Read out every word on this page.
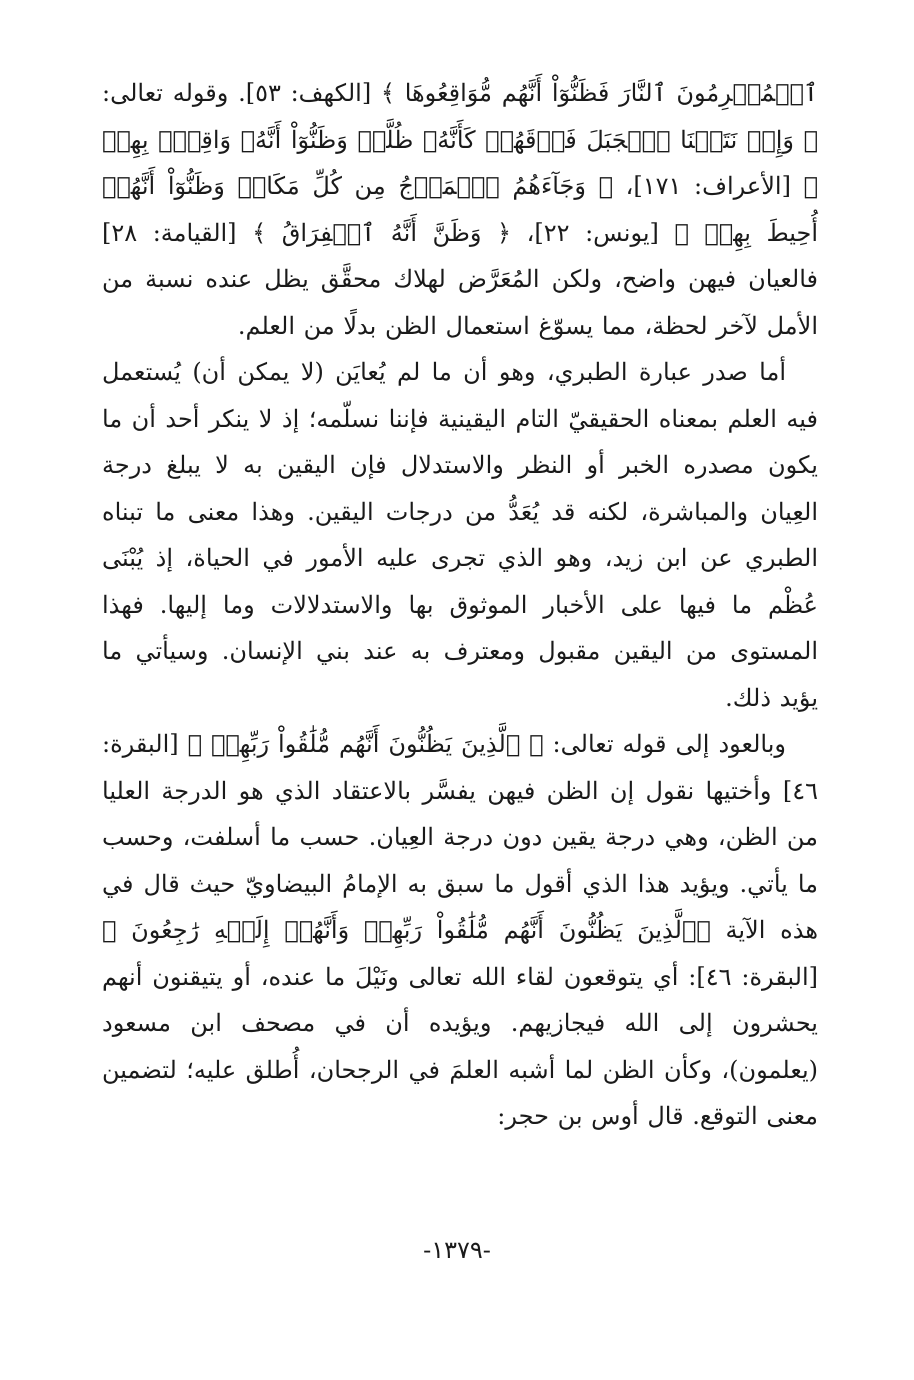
ٱلۡمُجۡرِمُونَ ٱلنَّارَ فَظَنُّوٓاْ أَنَّهُم مُّوَاقِعُوهَا ﴾ [الكهف: ٥٣]. وقوله تعالى: ﴿ وَإِذۡ نَتَقۡنَا ٱلۡجَبَلَ فَوۡقَهُمۡ كَأَنَّهُۥ ظُلَّةٞ وَظَنُّوٓاْ أَنَّهُۥ وَاقِعُۢ بِهِمۡ ﴾ [الأعراف: ١٧١]، ﴿ وَجَآءَهُمُ ٱلۡمَوۡجُ مِن كُلِّ مَكَانٖ وَظَنُّوٓاْ أَنَّهُمۡ أُحِيطَ بِهِمۡ ﴾ [يونس: ٢٢]، ﴿ وَظَنَّ أَنَّهُ ٱلۡفِرَاقُ ﴾ [القيامة: ٢٨] فالعيان فيهن واضح، ولكن المُعَرَّض لهلاك محقَّق يظل عنده نسبة من الأمل لآخر لحظة، مما يسوّغ استعمال الظن بدلًا من العلم.

أما صدر عبارة الطبري، وهو أن ما لم يُعايَن (لا يمكن أن) يُستعمل فيه العلم بمعناه الحقيقيّ التام اليقينية فإننا نسلّمه؛ إذ لا ينكر أحد أن ما يكون مصدره الخبر أو النظر والاستدلال فإن اليقين به لا يبلغ درجة العِيان والمباشرة، لكنه قد يُعَدُّ من درجات اليقين. وهذا معنى ما تبناه الطبري عن ابن زيد، وهو الذي تجرى عليه الأمور في الحياة، إذ يُبْنَى عُظْم ما فيها على الأخبار الموثوق بها والاستدلالات وما إليها. فهذا المستوى من اليقين مقبول ومعترف به عند بني الإنسان. وسيأتي ما يؤيد ذلك.

وبالعود إلى قوله تعالى: ﴿ ٱلَّذِينَ يَظُنُّونَ أَنَّهُم مُّلَٰقُواْ رَبِّهِمۡ ﴾ [البقرة: ٤٦] وأختيها نقول إن الظن فيهن يفسَّر بالاعتقاد الذي هو الدرجة العليا من الظن، وهي درجة يقين دون درجة العِيان. حسب ما أسلفت، وحسب ما يأتي. ويؤيد هذا الذي أقول ما سبق به الإمامُ البيضاويّ حيث قال في هذه الآية ﴿ٱلَّذِينَ يَظُنُّونَ أَنَّهُم مُّلَٰقُواْ رَبِّهِمۡ وَأَنَّهُمۡ إِلَيۡهِ رَٰجِعُونَ ﴾[البقرة: ٤٦]: أي يتوقعون لقاء الله تعالى ونَيْلَ ما عنده، أو يتيقنون أنهم يحشرون إلى الله فيجازيهم. ويؤيده أن في مصحف ابن مسعود (يعلمون)، وكأن الظن لما أشبه العلمَ في الرجحان، أُطلق عليه؛ لتضمين معنى التوقع. قال أوس بن حجر:

-١٣٧٩-
